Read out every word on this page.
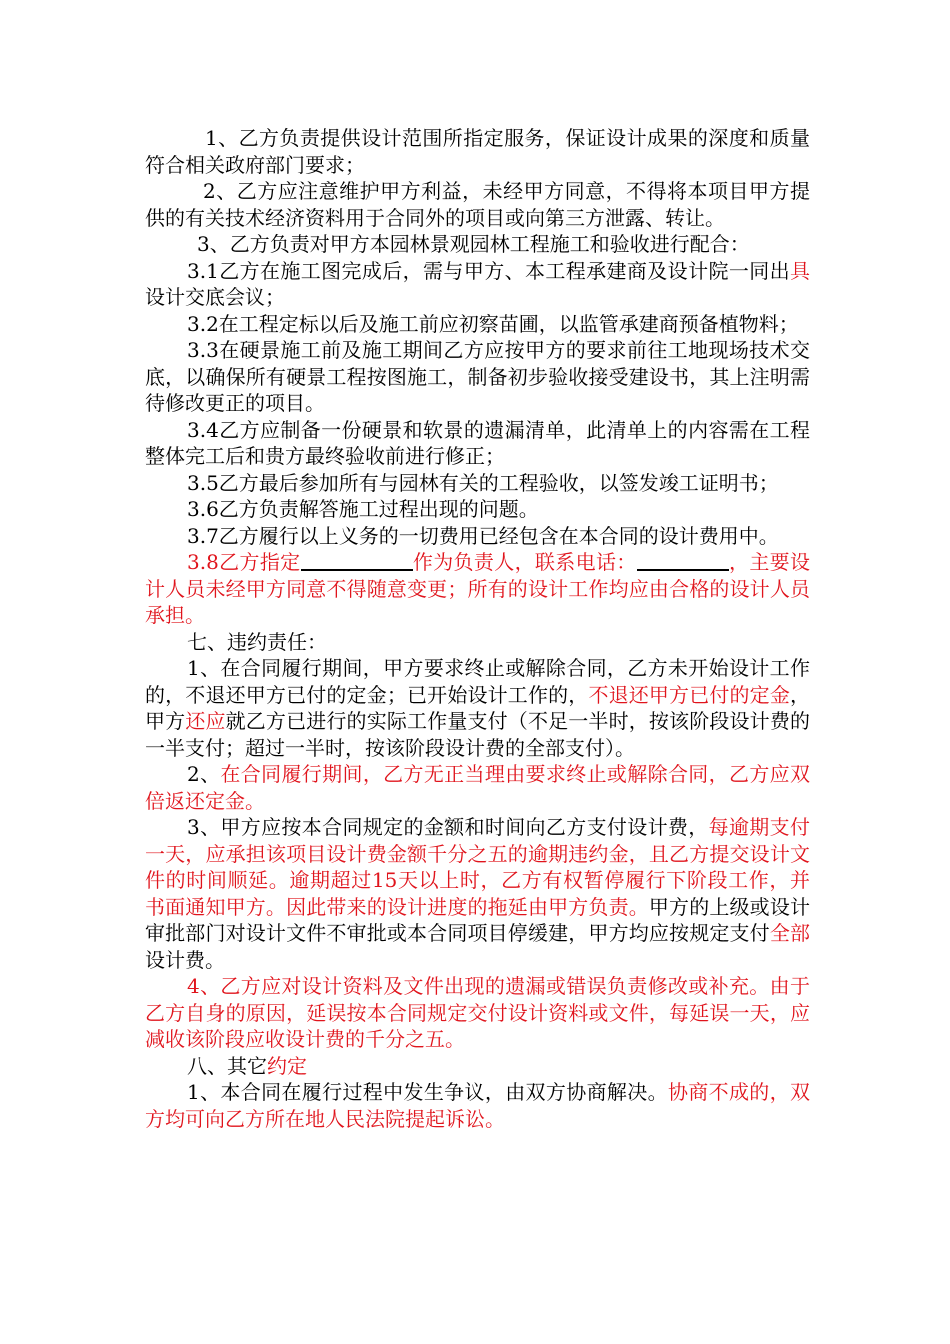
1、乙方负责提供设计范围所指定服务，保证设计成果的深度和质量符合相关政府部门要求；

2、乙方应注意维护甲方利益，未经甲方同意，不得将本项目甲方提供的有关技术经济资料用于合同外的项目或向第三方泄露、转让。

3、乙方负责对甲方本园林景观园林工程施工和验收进行配合：

3.1乙方在施工图完成后，需与甲方、本工程承建商及设计院一同出具设计交底会议；

3.2在工程定标以后及施工前应初察苗圃，以监管承建商预备植物料；

3.3在硬景施工前及施工期间乙方应按甲方的要求前往工地现场技术交底，以确保所有硬景工程按图施工，制备初步验收接受建设书，其上注明需待修改更正的项目。

3.4乙方应制备一份硬景和软景的遗漏清单，此清单上的内容需在工程整体完工后和贵方最终验收前进行修正；

3.5乙方最后参加所有与园林有关的工程验收，以签发竣工证明书；

3.6乙方负责解答施工过程出现的问题。

3.7乙方履行以上义务的一切费用已经包含在本合同的设计费用中。

3.8乙方指定	作为负责人，联系电话：	，主要设计人员未经甲方同意不得随意变更；所有的设计工作均应由合格的设计人员承担。

七、违约责任：

1、在合同履行期间，甲方要求终止或解除合同，乙方未开始设计工作的，不退还甲方已付的定金；已开始设计工作的，不退还甲方已付的定金，甲方还应就乙方已进行的实际工作量支付（不足一半时，按该阶段设计费的一半支付；超过一半时，按该阶段设计费的全部支付）。

2、在合同履行期间，乙方无正当理由要求终止或解除合同，乙方应双倍返还定金。

3、甲方应按本合同规定的金额和时间向乙方支付设计费，每逾期支付一天，应承担该项目设计费金额千分之五的逾期违约金，且乙方提交设计文件的时间顺延。逾期超过15天以上时，乙方有权暂停履行下阶段工作，并书面通知甲方。因此带来的设计进度的拖延由甲方负责。甲方的上级或设计审批部门对设计文件不审批或本合同项目停缓建，甲方均应按规定支付全部设计费。

4、乙方应对设计资料及文件出现的遗漏或错误负责修改或补充。由于乙方自身的原因，延误按本合同规定交付设计资料或文件，每延误一天，应减收该阶段应收设计费的千分之五。

八、其它约定

1、本合同在履行过程中发生争议，由双方协商解决。协商不成的，双方均可向乙方所在地人民法院提起诉讼。
